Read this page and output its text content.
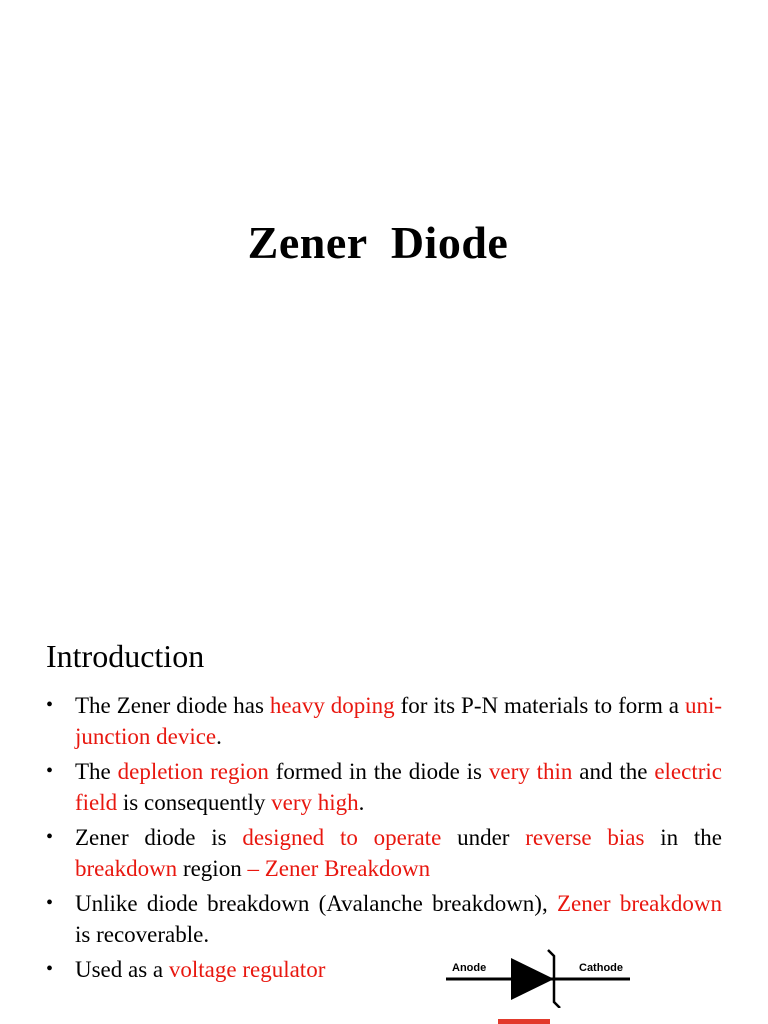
Zener  Diode
Introduction
• The Zener diode has heavy doping for its P-N materials to form a uni-junction device.
• The depletion region formed in the diode is very thin and the electric field is consequently very high.
• Zener diode is designed to operate under reverse bias in the breakdown region – Zener Breakdown
• Unlike diode breakdown (Avalanche breakdown), Zener breakdown is recoverable.
• Used as a voltage regulator	Anode	Cathode
